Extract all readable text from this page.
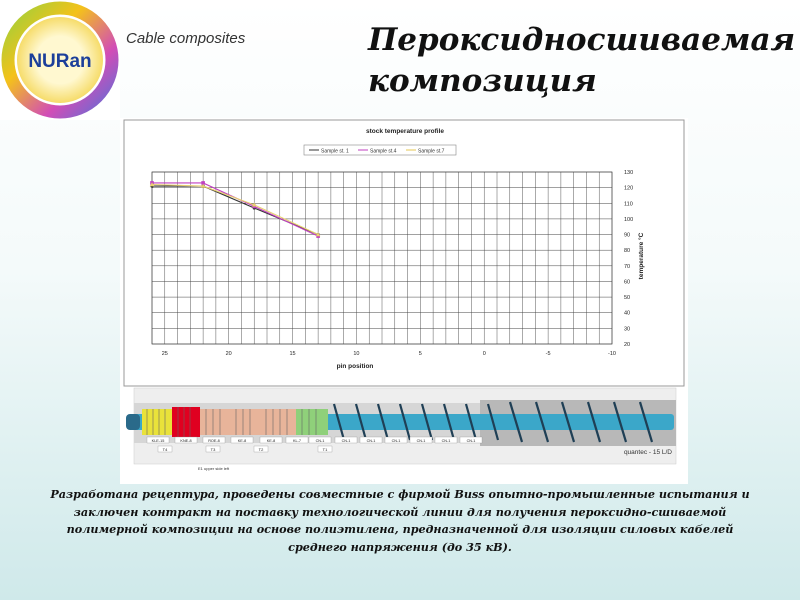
NURan
Cable composites	Пероксидносшиваемая
композиция
stock temperature profile
Sample st. 1	Sample st.4	Sample st.7
25	20	15	10	5	0	-5	-10
20
30
40
50
60
70
80
90
100
110
120
130
pin position
temperature °C
KLE-15	KNE-8	ROE-8	KE-8	KE-8	KL-7	CN-1	CN-1	CN-1	CN-1	CN-1	CN-1	CN-1
T4	T3	T2	T1
E1 upper side left
quantec - 15 L/D
Разработана рецептура, проведены совместные с фирмой Buss опытно-промышленные испытания и заключен контракт на поставку технологической линии для получения пероксидно-сшиваемой полимерной композиции на основе полиэтилена, предназначенной для изоляции силовых кабелей среднего напряжения (до 35 кВ).
